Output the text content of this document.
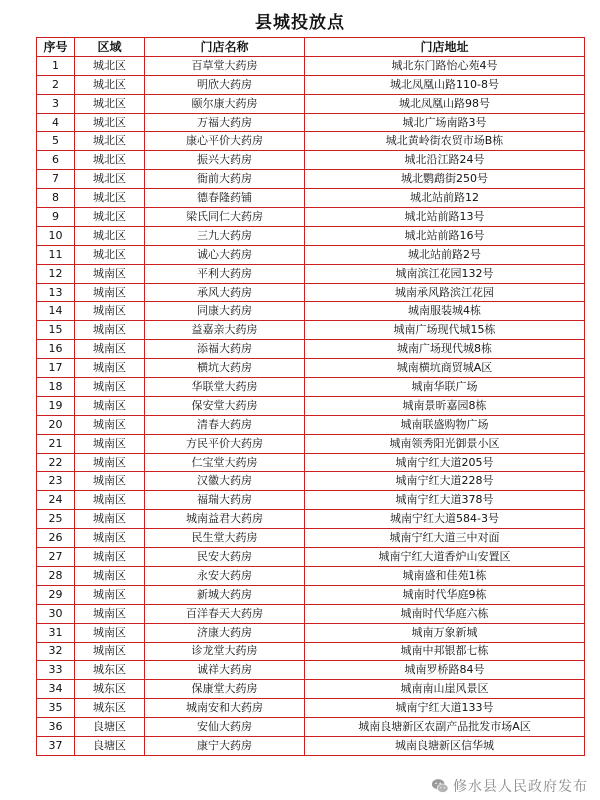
县城投放点
序号	区域	门店名称	门店地址
1	城北区	百草堂大药房	城北东门路怡心苑4号
2	城北区	明欣大药房	城北凤凰山路110-8号
3	城北区	颐尔康大药房	城北凤凰山路98号
4	城北区	万福大药房	城北广场南路3号
5	城北区	康心平价大药房	城北黄岭街农贸市场B栋
6	城北区	振兴大药房	城北沿江路24号
7	城北区	衙前大药房	城北鹦鹉街250号
8	城北区	德春隆药铺	城北站前路12
9	城北区	梁氏同仁大药房	城北站前路13号
10	城北区	三九大药房	城北站前路16号
11	城北区	诚心大药房	城北站前路2号
12	城南区	平利大药房	城南滨江花园132号
13	城南区	承风大药房	城南承风路滨江花园
14	城南区	同康大药房	城南服装城4栋
15	城南区	益嘉亲大药房	城南广场现代城15栋
16	城南区	添福大药房	城南广场现代城8栋
17	城南区	横坑大药房	城南横坑商贸城A区
18	城南区	华联堂大药房	城南华联广场
19	城南区	保安堂大药房	城南景昕嘉园8栋
20	城南区	清春大药房	城南联盛购物广场
21	城南区	方民平价大药房	城南领秀阳光御景小区
22	城南区	仁宝堂大药房	城南宁红大道205号
23	城南区	汉徽大药房	城南宁红大道228号
24	城南区	福瑞大药房	城南宁红大道378号
25	城南区	城南益君大药房	城南宁红大道584-3号
26	城南区	民生堂大药房	城南宁红大道三中对面
27	城南区	民安大药房	城南宁红大道香炉山安置区
28	城南区	永安大药房	城南盛和佳苑1栋
29	城南区	新城大药房	城南时代华庭9栋
30	城南区	百洋春天大药房	城南时代华庭六栋
31	城南区	济康大药房	城南万象新城
32	城南区	诊龙堂大药房	城南中邦银都七栋
33	城东区	诚祥大药房	城南罗桥路84号
34	城东区	保康堂大药房	城南南山崖风景区
35	城东区	城南安和大药房	城南宁红大道133号
36	良塘区	安仙大药房	城南良塘新区农副产品批发市场A区
37	良塘区	康宁大药房	城南良塘新区信华城
修水县人民政府发布
